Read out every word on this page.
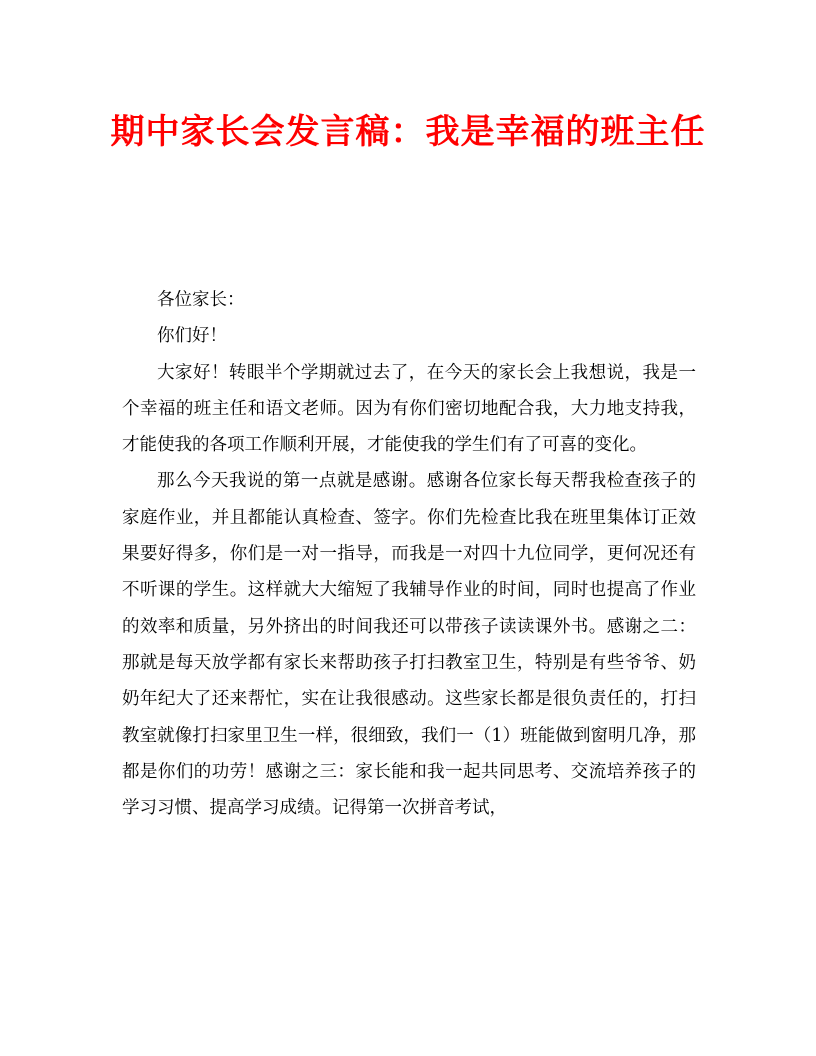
期中家长会发言稿：我是幸福的班主任

各位家长：

你们好！

大家好！转眼半个学期就过去了，在今天的家长会上我想说，我是一个幸福的班主任和语文老师。因为有你们密切地配合我，大力地支持我，才能使我的各项工作顺利开展，才能使我的学生们有了可喜的变化。

那么今天我说的第一点就是感谢。感谢各位家长每天帮我检查孩子的家庭作业，并且都能认真检查、签字。你们先检查比我在班里集体订正效果要好得多，你们是一对一指导，而我是一对四十九位同学，更何况还有不听课的学生。这样就大大缩短了我辅导作业的时间，同时也提高了作业的效率和质量，另外挤出的时间我还可以带孩子读读课外书。感谢之二：那就是每天放学都有家长来帮助孩子打扫教室卫生，特别是有些爷爷、奶奶年纪大了还来帮忙，实在让我很感动。这些家长都是很负责任的，打扫教室就像打扫家里卫生一样，很细致，我们一（1）班能做到窗明几净，那都是你们的功劳！感谢之三：家长能和我一起共同思考、交流培养孩子的学习习惯、提高学习成绩。记得第一次拼音考试，
